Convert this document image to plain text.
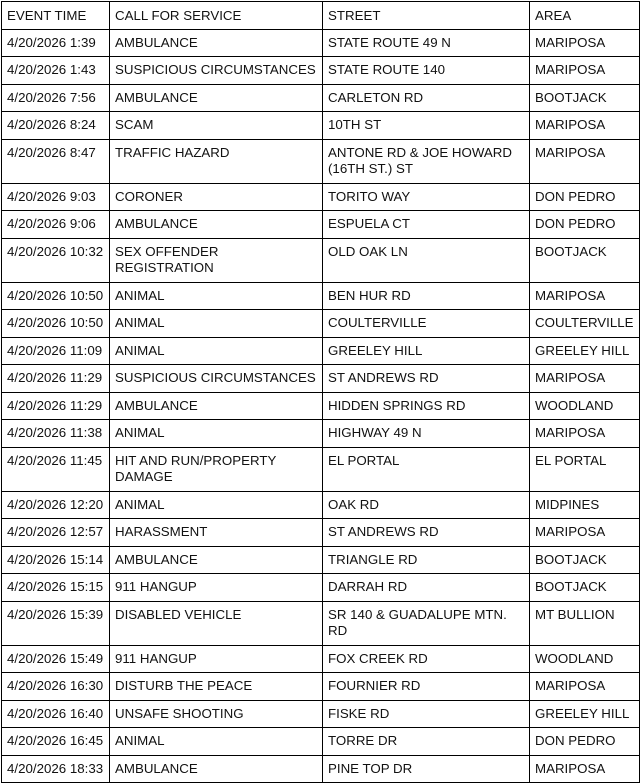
EVENT TIME	CALL FOR SERVICE	STREET	AREA
4/20/2026 1:39	AMBULANCE	STATE ROUTE 49 N	MARIPOSA
4/20/2026 1:43	SUSPICIOUS CIRCUMSTANCES	STATE ROUTE 140	MARIPOSA
4/20/2026 7:56	AMBULANCE	CARLETON RD	BOOTJACK
4/20/2026 8:24	SCAM	10TH ST	MARIPOSA
4/20/2026 8:47	TRAFFIC HAZARD	ANTONE RD & JOE HOWARD (16TH ST.) ST	MARIPOSA
4/20/2026 9:03	CORONER	TORITO WAY	DON PEDRO
4/20/2026 9:06	AMBULANCE	ESPUELA CT	DON PEDRO
4/20/2026 10:32	SEX OFFENDER REGISTRATION	OLD OAK LN	BOOTJACK
4/20/2026 10:50	ANIMAL	BEN HUR RD	MARIPOSA
4/20/2026 10:50	ANIMAL	COULTERVILLE	COULTERVILLE
4/20/2026 11:09	ANIMAL	GREELEY HILL	GREELEY HILL
4/20/2026 11:29	SUSPICIOUS CIRCUMSTANCES	ST ANDREWS RD	MARIPOSA
4/20/2026 11:29	AMBULANCE	HIDDEN SPRINGS RD	WOODLAND
4/20/2026 11:38	ANIMAL	HIGHWAY 49 N	MARIPOSA
4/20/2026 11:45	HIT AND RUN/PROPERTY DAMAGE	EL PORTAL	EL PORTAL
4/20/2026 12:20	ANIMAL	OAK RD	MIDPINES
4/20/2026 12:57	HARASSMENT	ST ANDREWS RD	MARIPOSA
4/20/2026 15:14	AMBULANCE	TRIANGLE RD	BOOTJACK
4/20/2026 15:15	911 HANGUP	DARRAH RD	BOOTJACK
4/20/2026 15:39	DISABLED VEHICLE	SR 140 & GUADALUPE MTN. RD	MT BULLION
4/20/2026 15:49	911 HANGUP	FOX CREEK RD	WOODLAND
4/20/2026 16:30	DISTURB THE PEACE	FOURNIER RD	MARIPOSA
4/20/2026 16:40	UNSAFE SHOOTING	FISKE RD	GREELEY HILL
4/20/2026 16:45	ANIMAL	TORRE DR	DON PEDRO
4/20/2026 18:33	AMBULANCE	PINE TOP DR	MARIPOSA
